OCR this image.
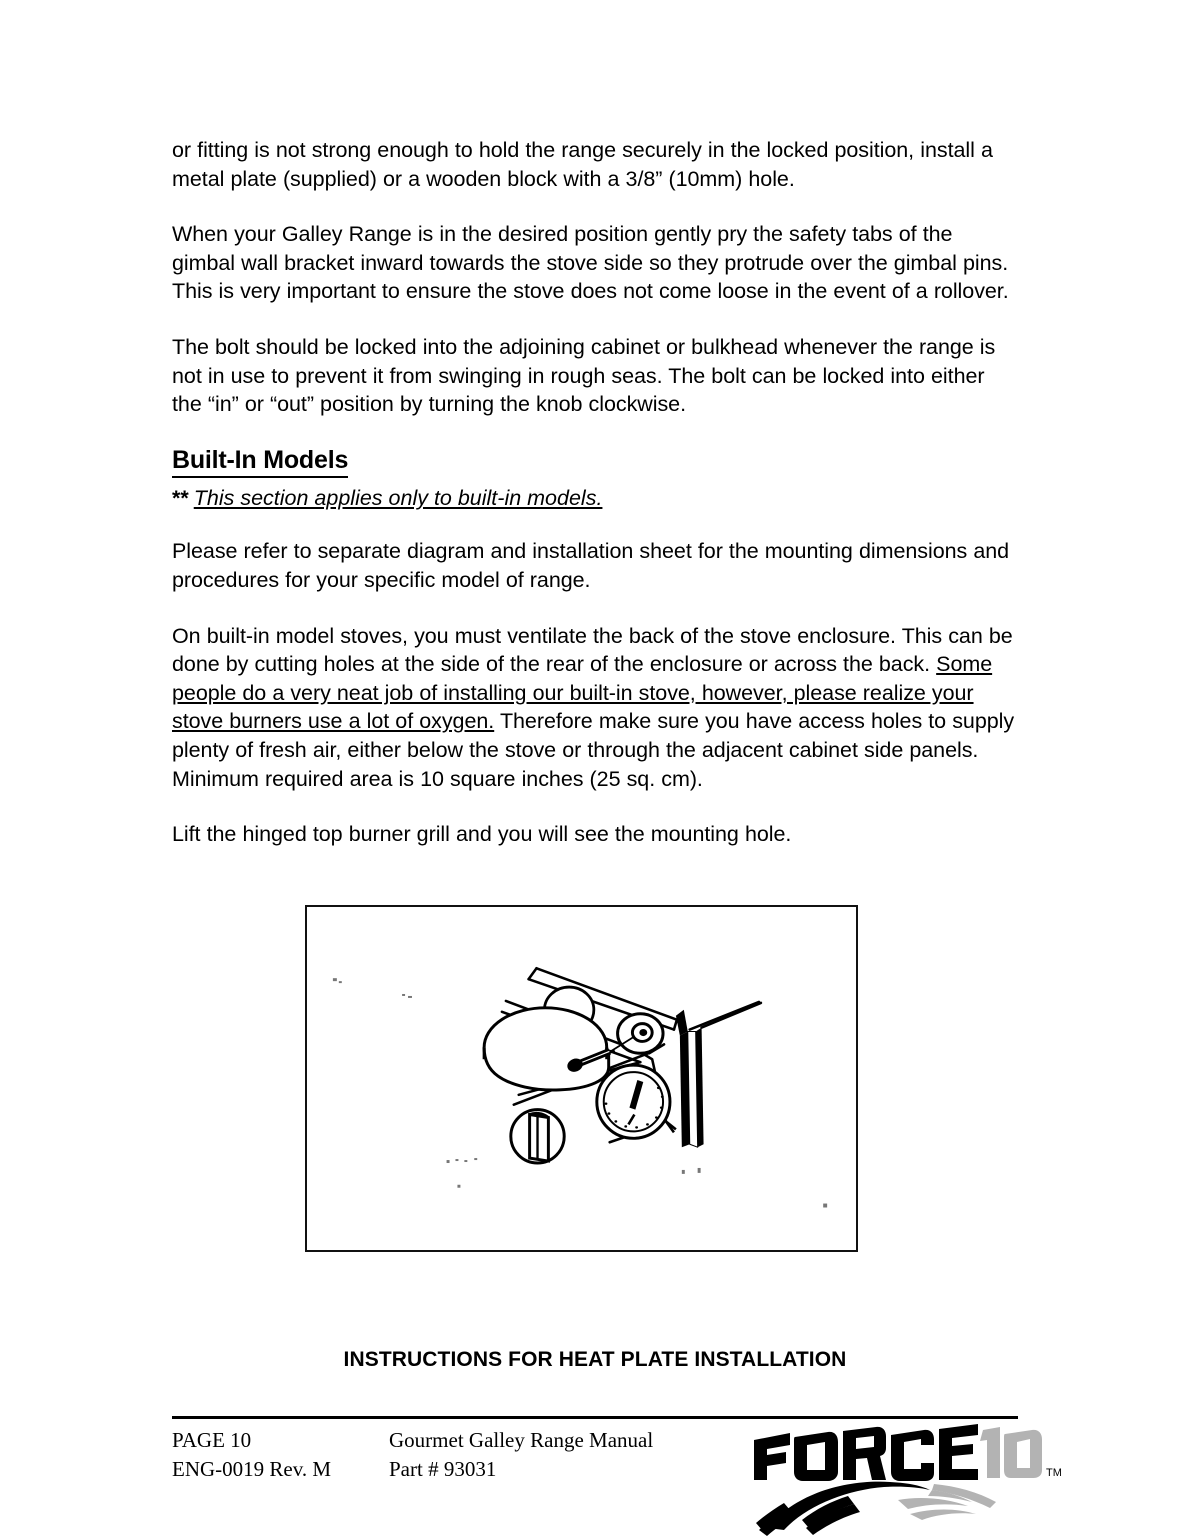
or fitting is not strong enough to hold the range securely in the locked position, install a metal plate (supplied) or a wooden block with a 3/8” (10mm) hole.

When your Galley Range is in the desired position gently pry the safety tabs of the gimbal wall bracket inward towards the stove side so they protrude over the gimbal pins. This is very important to ensure the stove does not come loose in the event of a rollover.

The bolt should be locked into the adjoining cabinet or bulkhead whenever the range is not in use to prevent it from swinging in rough seas. The bolt can be locked into either the “in” or “out” position by turning the knob clockwise.

Built-In Models
** This section applies only to built-in models.

Please refer to separate diagram and installation sheet for the mounting dimensions and procedures for your specific model of range.

On built-in model stoves, you must ventilate the back of the stove enclosure. This can be done by cutting holes at the side of the rear of the enclosure or across the back. Some people do a very neat job of installing our built-in stove, however, please realize your stove burners use a lot of oxygen. Therefore make sure you have access holes to supply plenty of fresh air, either below the stove or through the adjacent cabinet side panels. Minimum required area is 10 square inches (25 sq. cm).

Lift the hinged top burner grill and you will see the mounting hole.

INSTRUCTIONS FOR HEAT PLATE INSTALLATION
PAGE 10
ENG-0019 Rev. M
Gourmet Galley Range Manual
Part # 93031	TM
